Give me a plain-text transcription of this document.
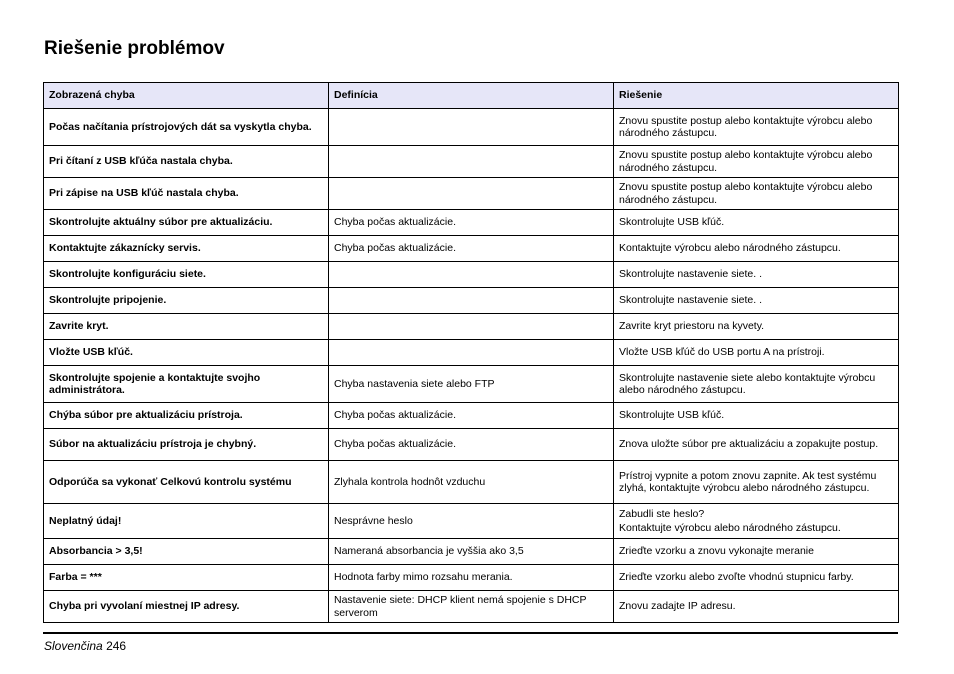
Riešenie problémov
Zobrazená chyba	Definícia	Riešenie
Počas načítania prístrojových dát sa vyskytla chyba.		Znovu spustite postup alebo kontaktujte výrobcu alebo národného zástupcu.

Pri čítaní z USB kľúča nastala chyba.		Znovu spustite postup alebo kontaktujte výrobcu alebo národného zástupcu.

Pri zápise na USB kľúč nastala chyba.		Znovu spustite postup alebo kontaktujte výrobcu alebo národného zástupcu.

Skontrolujte aktuálny súbor pre aktualizáciu.	Chyba počas aktualizácie.	Skontrolujte USB kľúč.

Kontaktujte zákaznícky servis.	Chyba počas aktualizácie.	Kontaktujte výrobcu alebo národného zástupcu.

Skontrolujte konfiguráciu siete.		Skontrolujte nastavenie siete. .

Skontrolujte pripojenie.		Skontrolujte nastavenie siete. .

Zavrite kryt.		Zavrite kryt priestoru na kyvety.

Vložte USB kľúč.		Vložte USB kľúč do USB portu A na prístroji.

Skontrolujte spojenie a kontaktujte svojho administrátora.	Chyba nastavenia siete alebo FTP	Skontrolujte nastavenie siete alebo kontaktujte výrobcu alebo národného zástupcu.

Chýba súbor pre aktualizáciu prístroja.	Chyba počas aktualizácie.	Skontrolujte USB kľúč.

Súbor na aktualizáciu prístroja je chybný.	Chyba počas aktualizácie.	Znova uložte súbor pre aktualizáciu a zopakujte postup.

Odporúča sa vykonať Celkovú kontrolu systému	Zlyhala kontrola hodnôt vzduchu	Prístroj vypnite a potom znovu zapnite. Ak test systému zlyhá, kontaktujte výrobcu alebo národného zástupcu.

Neplatný údaj!	Nesprávne heslo	Zabudli ste heslo?
Kontaktujte výrobcu alebo národného zástupcu.

Absorbancia > 3,5!	Nameraná absorbancia je vyššia ako 3,5	Zrieďte vzorku a znovu vykonajte meranie

Farba = ***	Hodnota farby mimo rozsahu merania.	Zrieďte vzorku alebo zvoľte vhodnú stupnicu farby.

Chyba pri vyvolaní miestnej IP adresy.	Nastavenie siete: DHCP klient nemá spojenie s DHCP serverom	Znovu zadajte IP adresu.
Slovenčina 246
